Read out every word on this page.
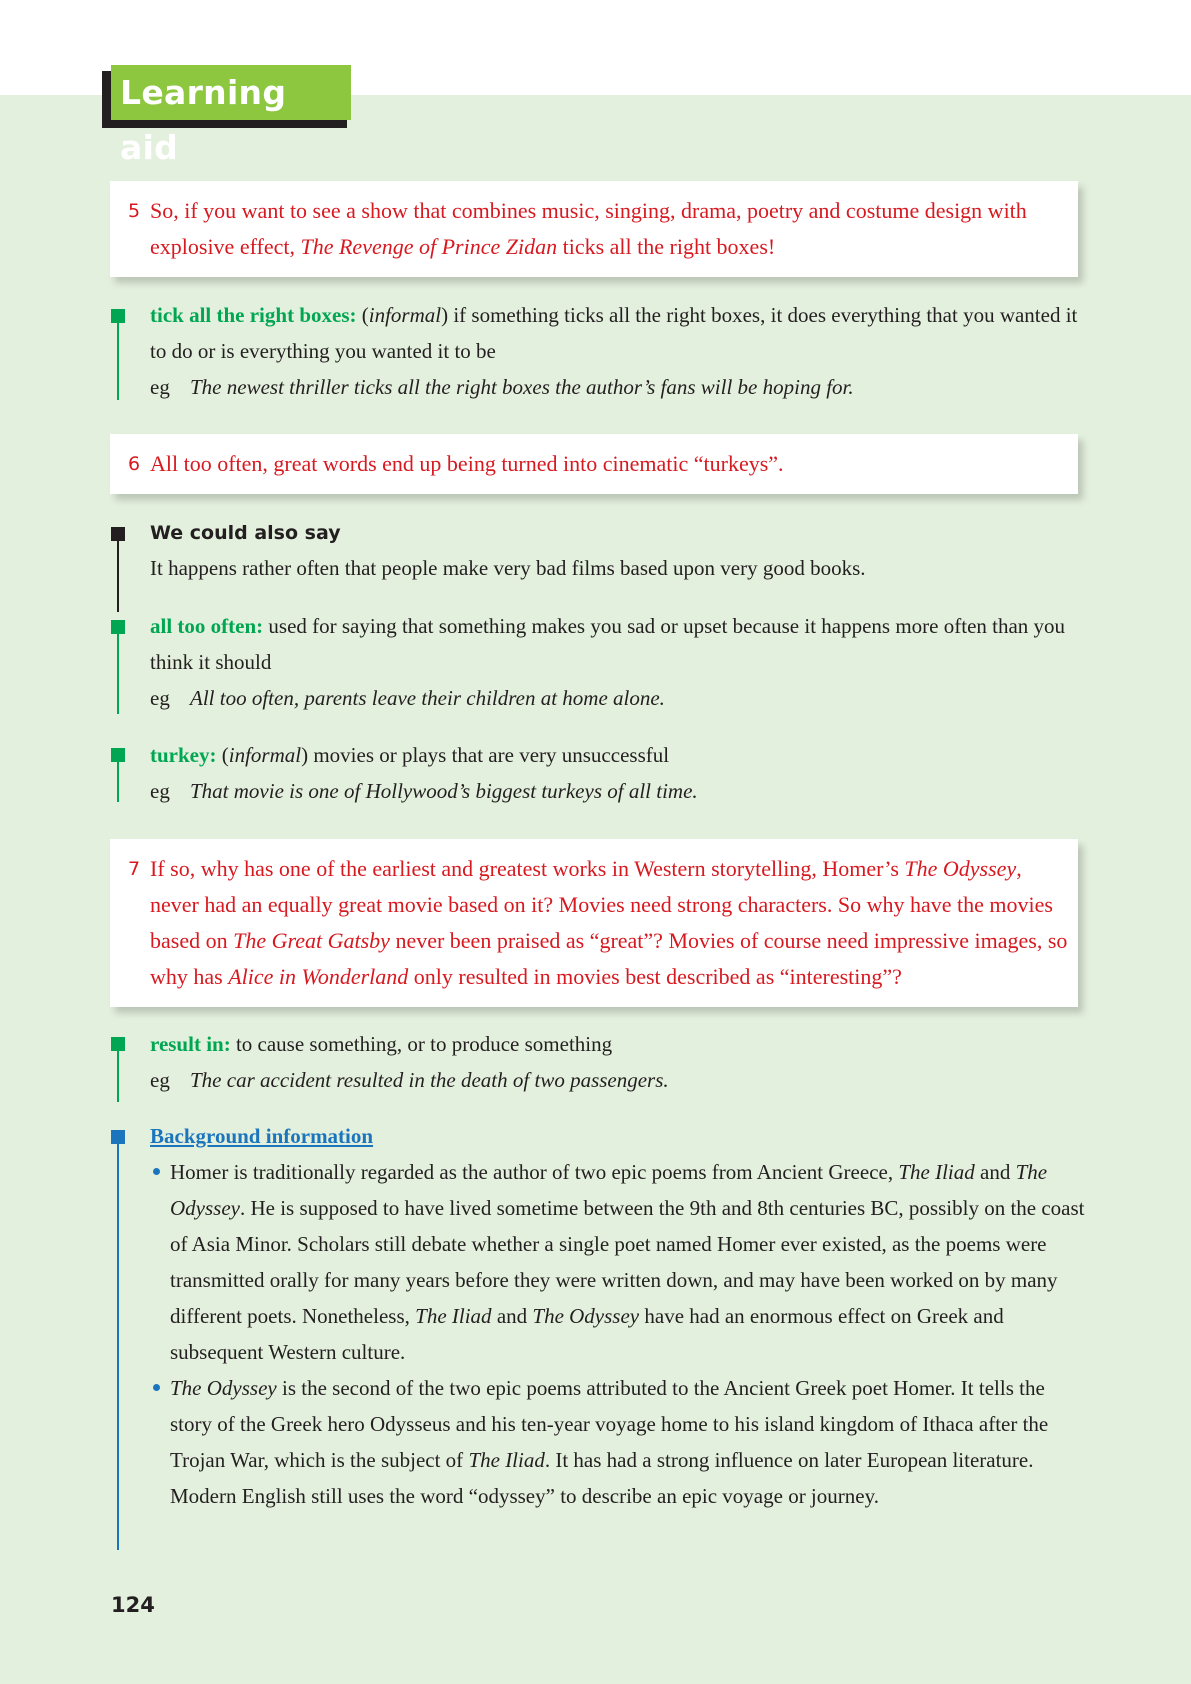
Learning aid
5 So, if you want to see a show that combines music, singing, drama, poetry and costume design with explosive effect, The Revenge of Prince Zidan ticks all the right boxes!
tick all the right boxes: (informal) if something ticks all the right boxes, it does everything that you wanted it to do or is everything you wanted it to be
eg The newest thriller ticks all the right boxes the author’s fans will be hoping for.
6 All too often, great words end up being turned into cinematic “turkeys”.
We could also say
It happens rather often that people make very bad films based upon very good books.
all too often: used for saying that something makes you sad or upset because it happens more often than you think it should
eg All too often, parents leave their children at home alone.
turkey: (informal) movies or plays that are very unsuccessful
eg That movie is one of Hollywood’s biggest turkeys of all time.
7 If so, why has one of the earliest and greatest works in Western storytelling, Homer’s The Odyssey, never had an equally great movie based on it? Movies need strong characters. So why have the movies based on The Great Gatsby never been praised as “great”? Movies of course need impressive images, so why has Alice in Wonderland only resulted in movies best described as “interesting”?
result in: to cause something, or to produce something
eg The car accident resulted in the death of two passengers.
Background information
Homer is traditionally regarded as the author of two epic poems from Ancient Greece, The Iliad and The Odyssey. He is supposed to have lived sometime between the 9th and 8th centuries BC, possibly on the coast of Asia Minor. Scholars still debate whether a single poet named Homer ever existed, as the poems were transmitted orally for many years before they were written down, and may have been worked on by many different poets. Nonetheless, The Iliad and The Odyssey have had an enormous effect on Greek and subsequent Western culture.
The Odyssey is the second of the two epic poems attributed to the Ancient Greek poet Homer. It tells the story of the Greek hero Odysseus and his ten-year voyage home to his island kingdom of Ithaca after the Trojan War, which is the subject of The Iliad. It has had a strong influence on later European literature. Modern English still uses the word “odyssey” to describe an epic voyage or journey.
124
